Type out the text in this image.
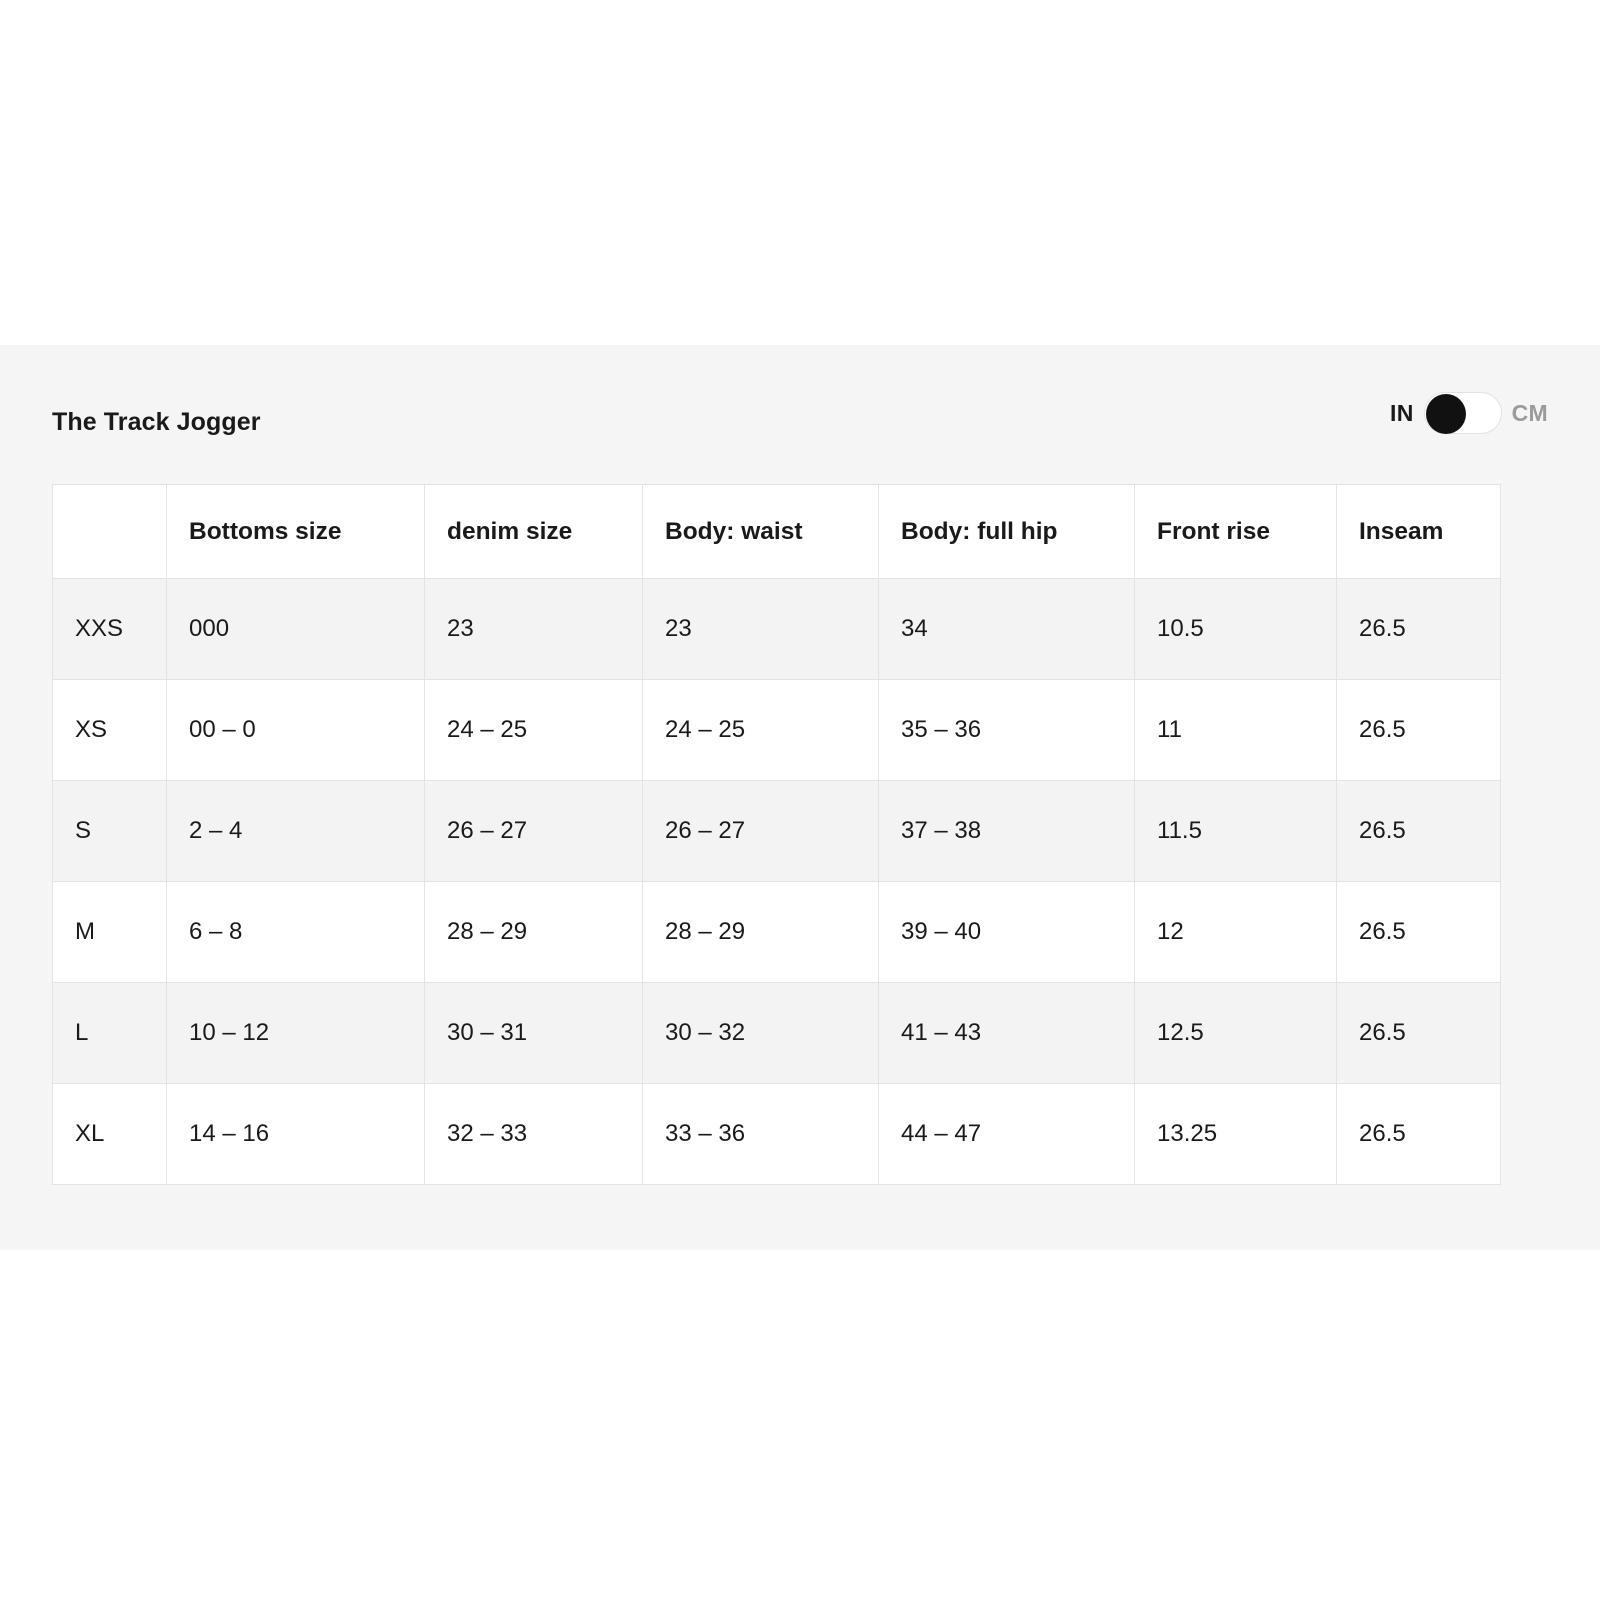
The Track Jogger	IN	CM
	Bottoms size	denim size	Body: waist	Body: full hip	Front rise	Inseam
XXS	000	23	23	34	10.5	26.5
XS	00 – 0	24 – 25	24 – 25	35 – 36	11	26.5
S	2 – 4	26 – 27	26 – 27	37 – 38	11.5	26.5
M	6 – 8	28 – 29	28 – 29	39 – 40	12	26.5
L	10 – 12	30 – 31	30 – 32	41 – 43	12.5	26.5
XL	14 – 16	32 – 33	33 – 36	44 – 47	13.25	26.5
